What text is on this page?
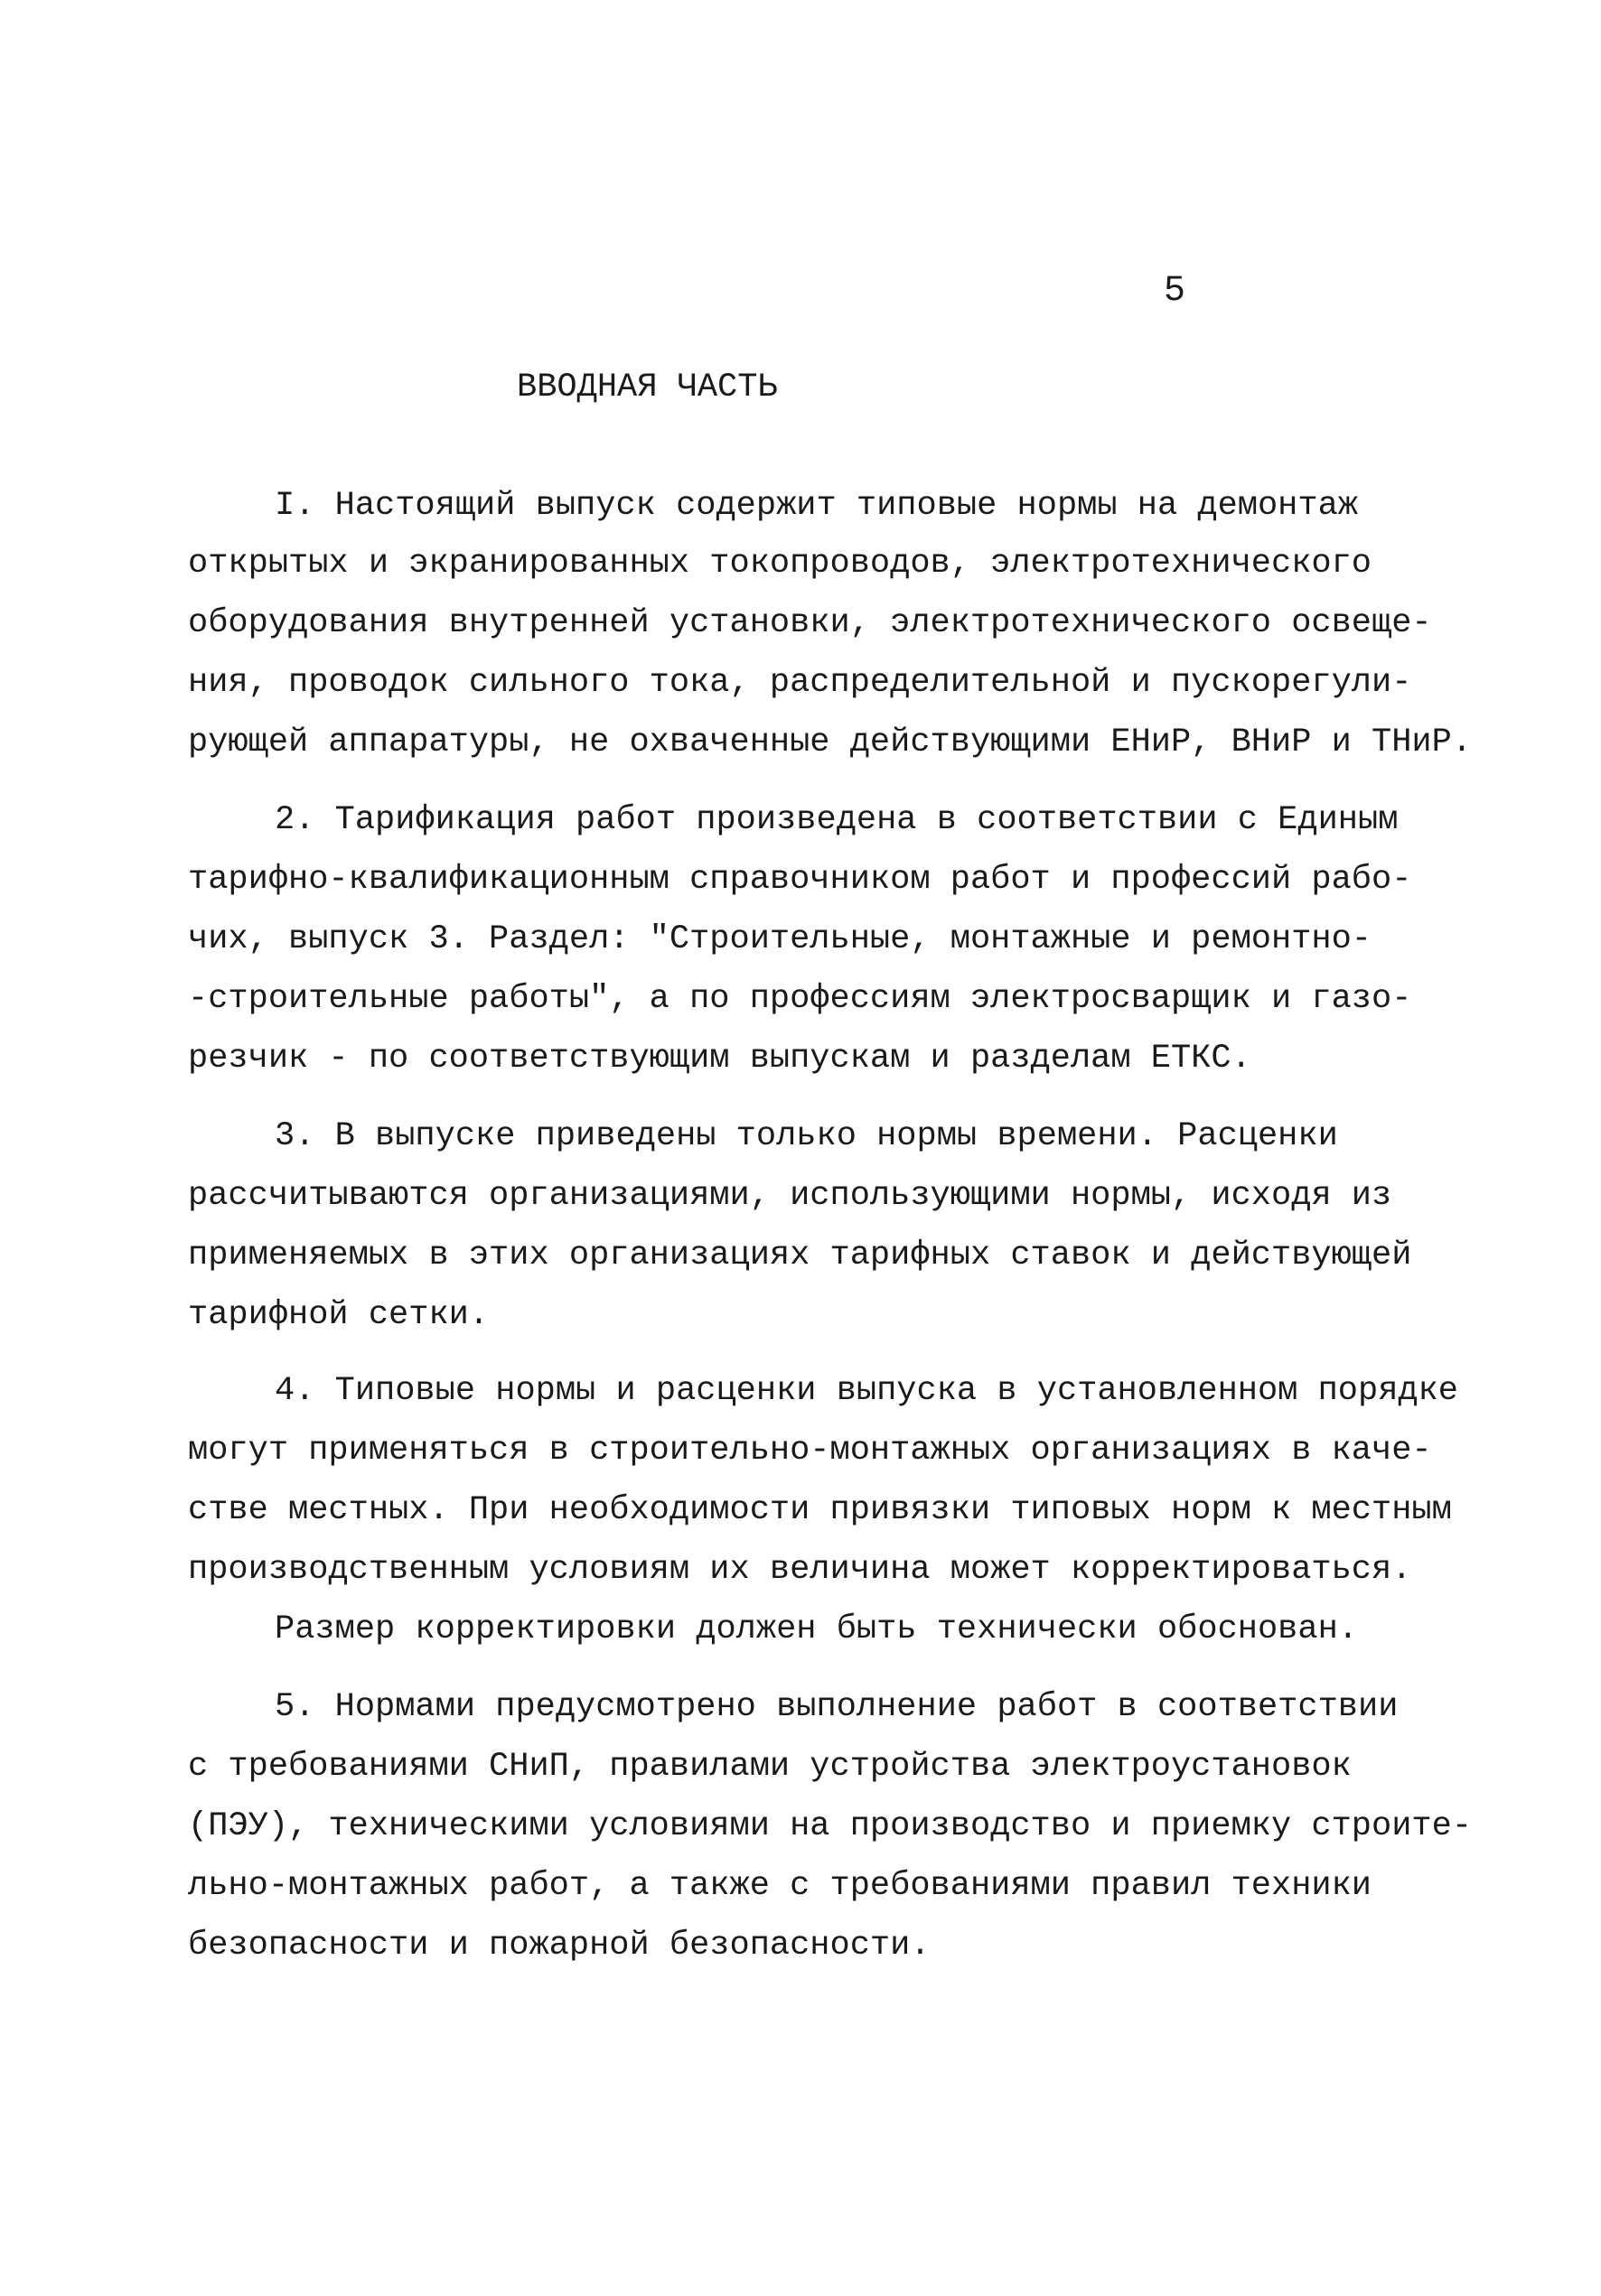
5
ВВОДНАЯ ЧАСТЬ
I. Настоящий выпуск содержит типовые нормы на демонтаж
открытых и экранированных токопроводов, электротехнического
оборудования внутренней установки, электротехнического освеще-
ния, проводок сильного тока, распределительной и пускорегули-
рующей аппаратуры, не охваченные действующими ЕНиР, ВНиР и ТНиР.
2. Тарификация работ произведена в соответствии с Единым
тарифно-квалификационным справочником работ и профессий рабо-
чих, выпуск 3. Раздел: "Строительные, монтажные и ремонтно-
-строительные работы", а по профессиям электросварщик и газо-
резчик - по соответствующим выпускам и разделам ЕТКС.
3. В выпуске приведены только нормы времени. Расценки
рассчитываются организациями, использующими нормы, исходя из
применяемых в этих организациях тарифных ставок и действующей
тарифной сетки.
4. Типовые нормы и расценки выпуска в установленном порядке
могут применяться в строительно-монтажных организациях в каче-
стве местных. При необходимости привязки типовых норм к местным
производственным условиям их величина может корректироваться.
Размер корректировки должен быть технически обоснован.
5. Нормами предусмотрено выполнение работ в соответствии
с требованиями СНиП, правилами устройства электроустановок
(ПЭУ), техническими условиями на производство и приемку строите-
льно-монтажных работ, а также с требованиями правил техники
безопасности и пожарной безопасности.
